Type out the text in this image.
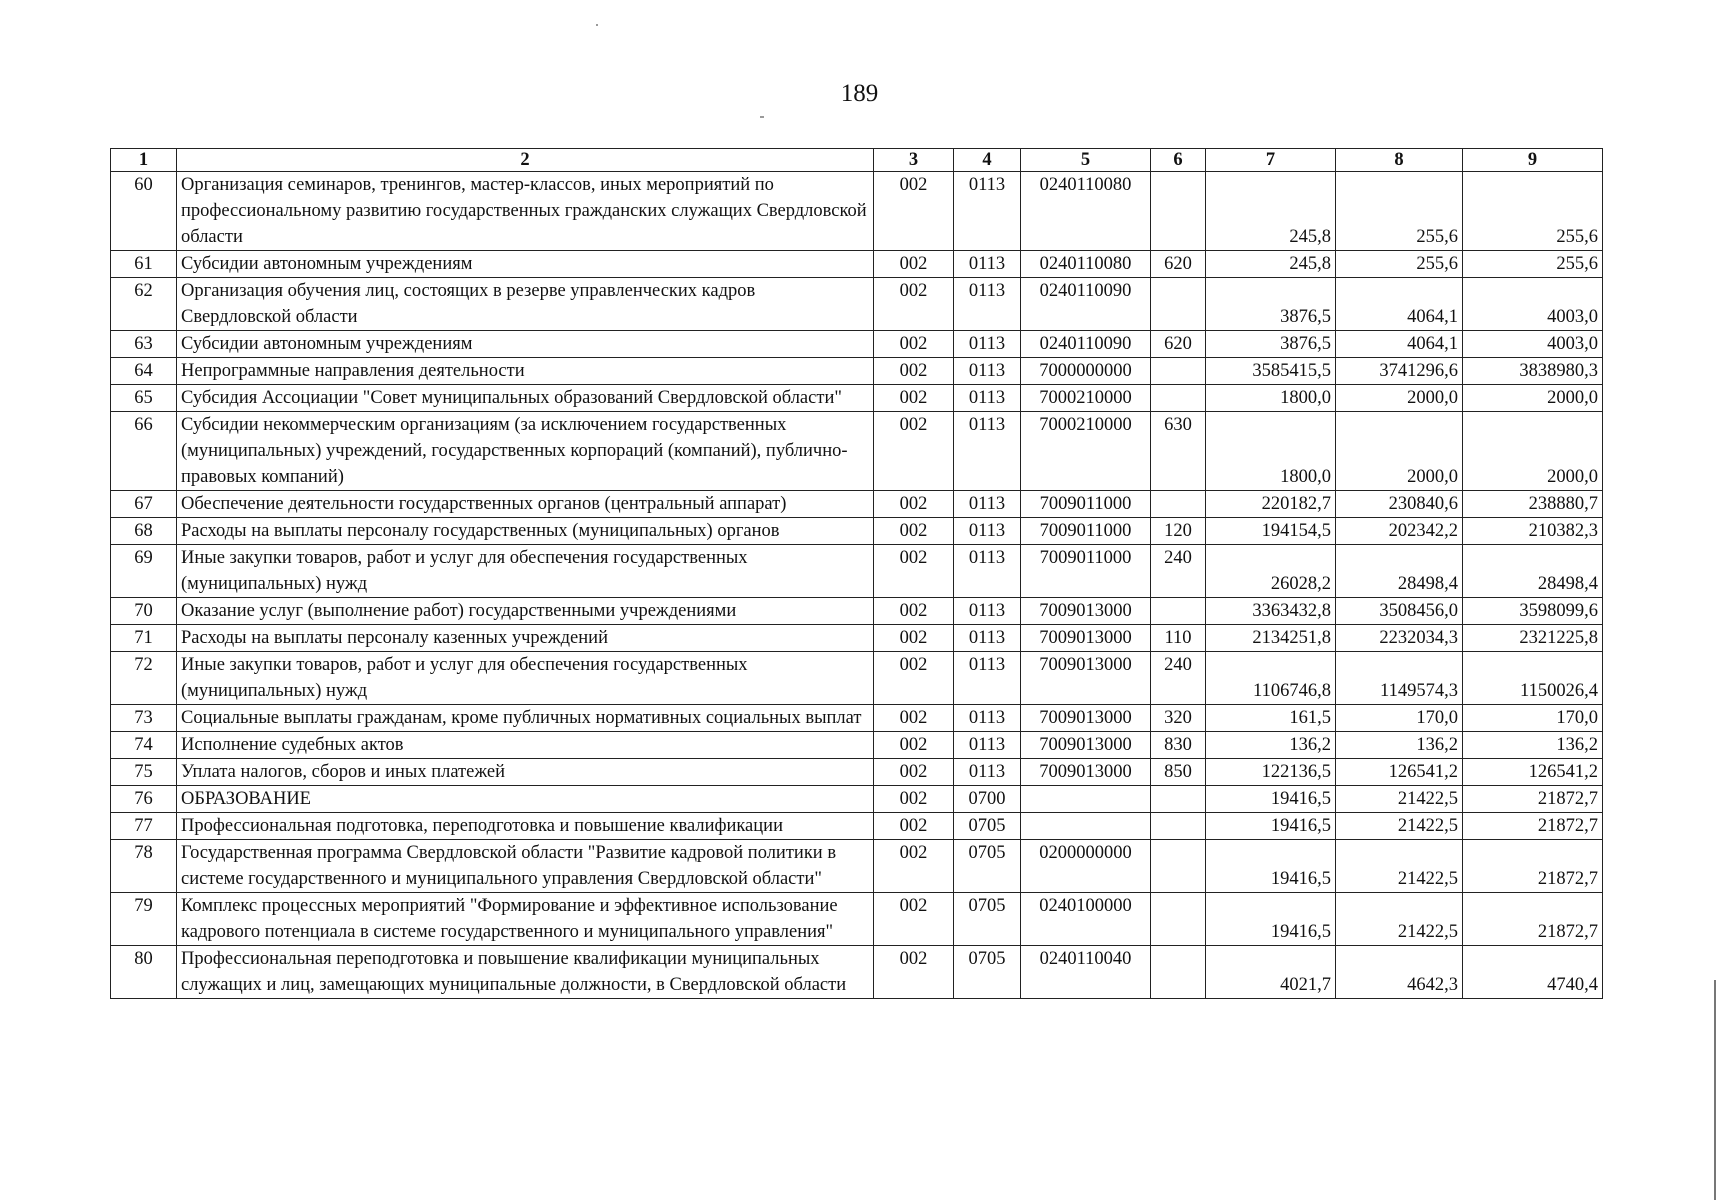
189
1	2	3	4	5	6	7	8	9
60	Организация семинаров, тренингов, мастер-классов, иных мероприятий по профессиональному развитию государственных гражданских служащих Свердловской области	002	0113	0240110080		245,8	255,6	255,6
61	Субсидии автономным учреждениям	002	0113	0240110080	620	245,8	255,6	255,6
62	Организация обучения лиц, состоящих в резерве управленческих кадров Свердловской области	002	0113	0240110090		3876,5	4064,1	4003,0
63	Субсидии автономным учреждениям	002	0113	0240110090	620	3876,5	4064,1	4003,0
64	Непрограммные направления деятельности	002	0113	7000000000		3585415,5	3741296,6	3838980,3
65	Субсидия Ассоциации "Совет муниципальных образований Свердловской области"	002	0113	7000210000		1800,0	2000,0	2000,0
66	Субсидии некоммерческим организациям (за исключением государственных (муниципальных) учреждений, государственных корпораций (компаний), публично-правовых компаний)	002	0113	7000210000	630	1800,0	2000,0	2000,0
67	Обеспечение деятельности государственных органов (центральный аппарат)	002	0113	7009011000		220182,7	230840,6	238880,7
68	Расходы на выплаты персоналу государственных (муниципальных) органов	002	0113	7009011000	120	194154,5	202342,2	210382,3
69	Иные закупки товаров, работ и услуг для обеспечения государственных (муниципальных) нужд	002	0113	7009011000	240	26028,2	28498,4	28498,4
70	Оказание услуг (выполнение работ) государственными учреждениями	002	0113	7009013000		3363432,8	3508456,0	3598099,6
71	Расходы на выплаты персоналу казенных учреждений	002	0113	7009013000	110	2134251,8	2232034,3	2321225,8
72	Иные закупки товаров, работ и услуг для обеспечения государственных (муниципальных) нужд	002	0113	7009013000	240	1106746,8	1149574,3	1150026,4
73	Социальные выплаты гражданам, кроме публичных нормативных социальных выплат	002	0113	7009013000	320	161,5	170,0	170,0
74	Исполнение судебных актов	002	0113	7009013000	830	136,2	136,2	136,2
75	Уплата налогов, сборов и иных платежей	002	0113	7009013000	850	122136,5	126541,2	126541,2
76	ОБРАЗОВАНИЕ	002	0700			19416,5	21422,5	21872,7
77	Профессиональная подготовка, переподготовка и повышение квалификации	002	0705			19416,5	21422,5	21872,7
78	Государственная программа Свердловской области "Развитие кадровой политики в системе государственного и муниципального управления Свердловской области"	002	0705	0200000000		19416,5	21422,5	21872,7
79	Комплекс процессных мероприятий "Формирование и эффективное использование кадрового потенциала в системе государственного и муниципального управления"	002	0705	0240100000		19416,5	21422,5	21872,7
80	Профессиональная переподготовка и повышение квалификации муниципальных служащих и лиц, замещающих муниципальные должности, в Свердловской области	002	0705	0240110040		4021,7	4642,3	4740,4
